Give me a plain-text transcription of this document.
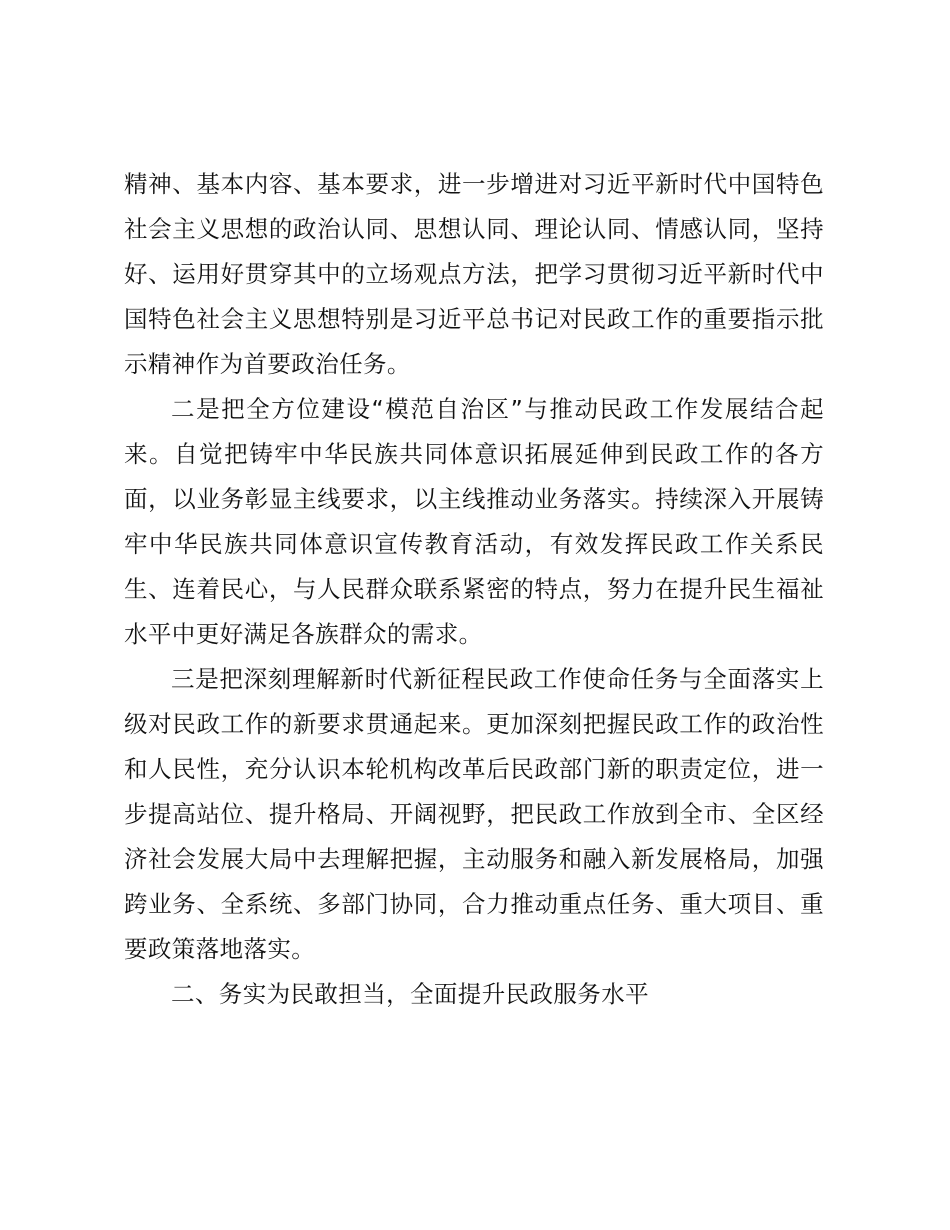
精神、基本内容、基本要求，进一步增进对习近平新时代中国特色社会主义思想的政治认同、思想认同、理论认同、情感认同，坚持好、运用好贯穿其中的立场观点方法，把学习贯彻习近平新时代中国特色社会主义思想特别是习近平总书记对民政工作的重要指示批示精神作为首要政治任务。

二是把全方位建设“模范自治区”与推动民政工作发展结合起来。自觉把铸牢中华民族共同体意识拓展延伸到民政工作的各方面，以业务彰显主线要求，以主线推动业务落实。持续深入开展铸牢中华民族共同体意识宣传教育活动，有效发挥民政工作关系民生、连着民心，与人民群众联系紧密的特点，努力在提升民生福祉水平中更好满足各族群众的需求。

三是把深刻理解新时代新征程民政工作使命任务与全面落实上级对民政工作的新要求贯通起来。更加深刻把握民政工作的政治性和人民性，充分认识本轮机构改革后民政部门新的职责定位，进一步提高站位、提升格局、开阔视野，把民政工作放到全市、全区经济社会发展大局中去理解把握，主动服务和融入新发展格局，加强跨业务、全系统、多部门协同，合力推动重点任务、重大项目、重要政策落地落实。

二、务实为民敢担当，全面提升民政服务水平
